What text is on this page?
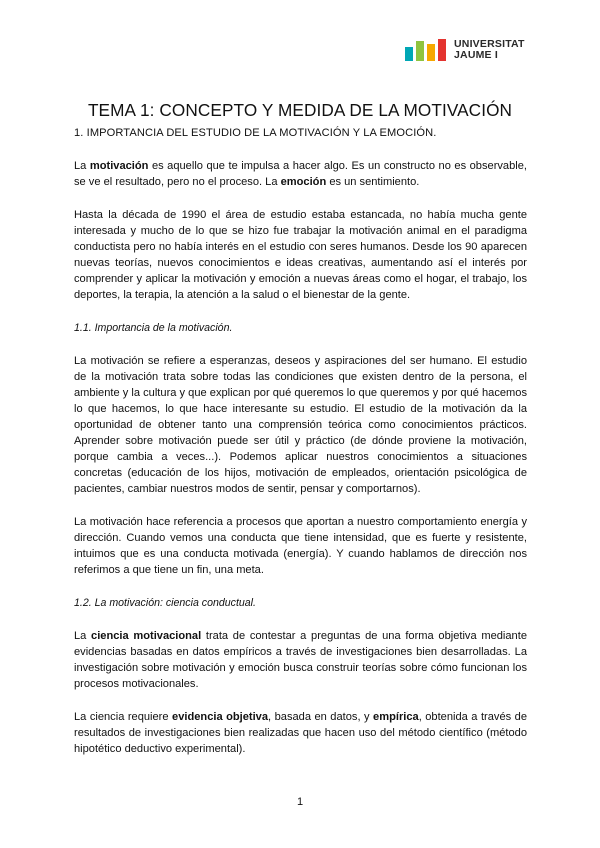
UNIVERSITAT
JAUME I
TEMA 1: CONCEPTO Y MEDIDA DE LA MOTIVACIÓN

1. IMPORTANCIA DEL ESTUDIO DE LA MOTIVACIÓN Y LA EMOCIÓN.

La motivación es aquello que te impulsa a hacer algo. Es un constructo no es observable, se ve el resultado, pero no el proceso. La emoción es un sentimiento.

Hasta la década de 1990 el área de estudio estaba estancada, no había mucha gente interesada y mucho de lo que se hizo fue trabajar la motivación animal en el paradigma conductista pero no había interés en el estudio con seres humanos. Desde los 90 aparecen nuevas teorías, nuevos conocimientos e ideas creativas, aumentando así el interés por comprender y aplicar la motivación y emoción a nuevas áreas como el hogar, el trabajo, los deportes, la terapia, la atención a la salud o el bienestar de la gente.

1.1. Importancia de la motivación.

La motivación se refiere a esperanzas, deseos y aspiraciones del ser humano. El estudio de la motivación trata sobre todas las condiciones que existen dentro de la persona, el ambiente y la cultura y que explican por qué queremos lo que queremos y por qué hacemos lo que hacemos, lo que hace interesante su estudio. El estudio de la motivación da la oportunidad de obtener tanto una comprensión teórica como conocimientos prácticos. Aprender sobre motivación puede ser útil y práctico (de dónde proviene la motivación, porque cambia a veces...). Podemos aplicar nuestros conocimientos a situaciones concretas (educación de los hijos, motivación de empleados, orientación psicológica de pacientes, cambiar nuestros modos de sentir, pensar y comportarnos).

La motivación hace referencia a procesos que aportan a nuestro comportamiento energía y dirección. Cuando vemos una conducta que tiene intensidad, que es fuerte y resistente, intuimos que es una conducta motivada (energía). Y cuando hablamos de dirección nos referimos a que tiene un fin, una meta.

1.2. La motivación: ciencia conductual.

La ciencia motivacional trata de contestar a preguntas de una forma objetiva mediante evidencias basadas en datos empíricos a través de investigaciones bien desarrolladas. La investigación sobre motivación y emoción busca construir teorías sobre cómo funcionan los procesos motivacionales.

La ciencia requiere evidencia objetiva, basada en datos, y empírica, obtenida a través de resultados de investigaciones bien realizadas que hacen uso del método científico (método hipotético deductivo experimental).

1
